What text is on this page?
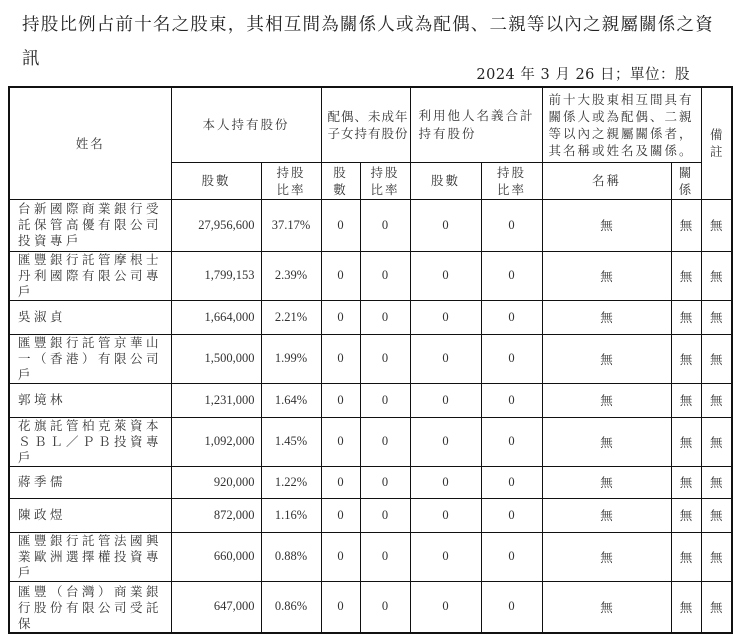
持股比例占前十名之股東，其相互間為關係人或為配偶、二親等以內之親屬關係之資訊
2024 年 3 月 26 日；單位：股
姓名	本人持有股份		配偶、未成年子女持有股份		利用他人名義合計持有股份		前十大股東相互間具有關係人或為配偶、二親等以內之親屬關係者，其名稱或姓名及關係。		備註
	股數	持股比率	股數	持股比率	股數	持股比率	名稱	關係	
台新國際商業銀行受託保管高優有限公司投資專戶	27,956,600	37.17%	0	0	0	0	無	無	無
匯豐銀行託管摩根士丹利國際有限公司專戶	1,799,153	2.39%	0	0	0	0	無	無	無
吳淑貞	1,664,000	2.21%	0	0	0	0	無	無	無
匯豐銀行託管京華山一（香港）有限公司戶	1,500,000	1.99%	0	0	0	0	無	無	無
郭境林	1,231,000	1.64%	0	0	0	0	無	無	無
花旗託管柏克萊資本ＳＢＬ／ＰＢ投資專戶	1,092,000	1.45%	0	0	0	0	無	無	無
蔣季儒	920,000	1.22%	0	0	0	0	無	無	無
陳政煜	872,000	1.16%	0	0	0	0	無	無	無
匯豐銀行託管法國興業歐洲選擇權投資專戶	660,000	0.88%	0	0	0	0	無	無	無
匯豐（台灣）商業銀行股份有限公司受託保	647,000	0.86%	0	0	0	0	無	無	無
